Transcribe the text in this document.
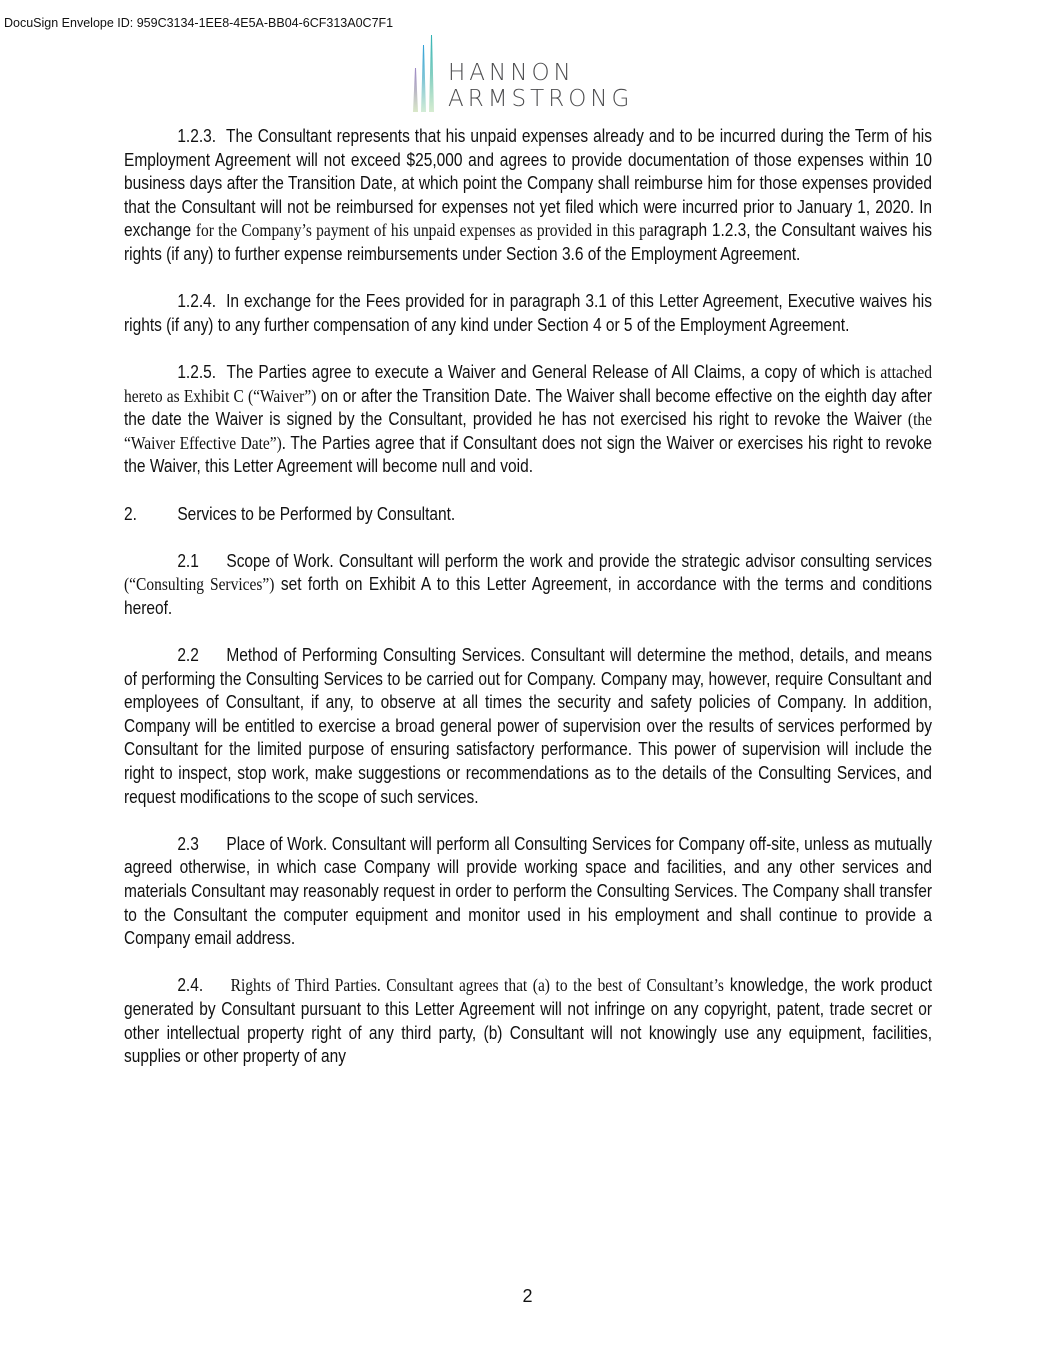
DocuSign Envelope ID: 959C3134-1EE8-4E5A-BB04-6CF313A0C7F1
HANNON
ARMSTRONG

1.2.3. The Consultant represents that his unpaid expenses already and to be incurred during the Term of his Employment Agreement will not exceed $25,000 and agrees to provide documentation of those expenses within 10 business days after the Transition Date, at which point the Company shall reimburse him for those expenses provided that the Consultant will not be reimbursed for expenses not yet filed which were incurred prior to January 1, 2020. In exchange for the Company’s payment of his unpaid expenses as provided in this paragraph 1.2.3, the Consultant waives his rights (if any) to further expense reimbursements under Section 3.6 of the Employment Agreement.

1.2.4. In exchange for the Fees provided for in paragraph 3.1 of this Letter Agreement, Executive waives his rights (if any) to any further compensation of any kind under Section 4 or 5 of the Employment Agreement.

1.2.5. The Parties agree to execute a Waiver and General Release of All Claims, a copy of which is attached hereto as Exhibit C (“Waiver”) on or after the Transition Date. The Waiver shall become effective on the eighth day after the date the Waiver is signed by the Consultant, provided he has not exercised his right to revoke the Waiver (the “Waiver Effective Date”). The Parties agree that if Consultant does not sign the Waiver or exercises his right to revoke the Waiver, this Letter Agreement will become null and void.

2. Services to be Performed by Consultant.

2.1 Scope of Work. Consultant will perform the work and provide the strategic advisor consulting services (“Consulting Services”) set forth on Exhibit A to this Letter Agreement, in accordance with the terms and conditions hereof.

2.2 Method of Performing Consulting Services. Consultant will determine the method, details, and means of performing the Consulting Services to be carried out for Company. Company may, however, require Consultant and employees of Consultant, if any, to observe at all times the security and safety policies of Company. In addition, Company will be entitled to exercise a broad general power of supervision over the results of services performed by Consultant for the limited purpose of ensuring satisfactory performance. This power of supervision will include the right to inspect, stop work, make suggestions or recommendations as to the details of the Consulting Services, and request modifications to the scope of such services.

2.3 Place of Work. Consultant will perform all Consulting Services for Company off-site, unless as mutually agreed otherwise, in which case Company will provide working space and facilities, and any other services and materials Consultant may reasonably request in order to perform the Consulting Services. The Company shall transfer to the Consultant the computer equipment and monitor used in his employment and shall continue to provide a Company email address.

2.4. Rights of Third Parties. Consultant agrees that (a) to the best of Consultant’s knowledge, the work product generated by Consultant pursuant to this Letter Agreement will not infringe on any copyright, patent, trade secret or other intellectual property right of any third party, (b) Consultant will not knowingly use any equipment, facilities, supplies or other property of any

2
